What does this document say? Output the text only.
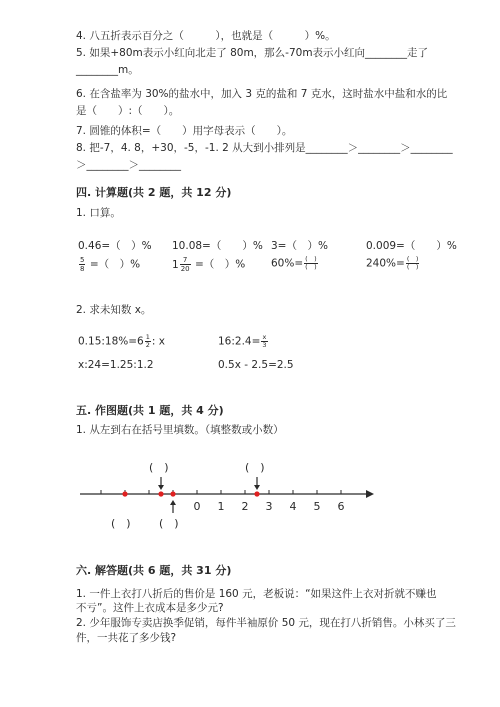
4. 八五折表示百分之（　　　），也就是（　　　）%。
5. 如果+80m表示小红向北走了 80m，那么-70m表示小红向________走了
________m。
6. 在含盐率为 30%的盐水中，加入 3 克的盐和 7 克水，这时盐水中盐和水的比
是（　　）:（　　）。
7. 圆锥的体积=（　　）用字母表示（　　）。
8. 把-7，4. 8，+30，-5，-1. 2 从大到小排列是________＞________＞________
＞________＞________
四. 计算题(共 2 题，共 12 分)
1. 口算。
0.46=（　）% 10.08=（　　）% 3=（　）%	0.009=（　　）%
$\frac{5}{8}$ =（　）%	$1 \frac{7}{20}$ =（　）% $60\%= \frac{( )}{( )}$	$240\%= \frac{( )}{( )}$
2. 求未知数 x。
0.15:18%=6 $\frac{1}{2}$ : x	16:2.4= $\frac{x}{3}$
x:24=1.25:1.2	0.5x - 2.5=2.5
五. 作图题(共 1 题，共 4 分)
1. 从左到右在括号里填数。（填整数或小数）
0 1 2 3 4 5 6
(　)	(　)
(　)	(　)
六. 解答题(共 6 题，共 31 分)
1. 一件上衣打八折后的售价是 160 元，老板说：“如果这件上衣对折就不赚也
不亏”。这件上衣成本是多少元?
2. 少年服饰专卖店换季促销，每件半袖原价 50 元，现在打八折销售。小林买了三
件，一共花了多少钱?
